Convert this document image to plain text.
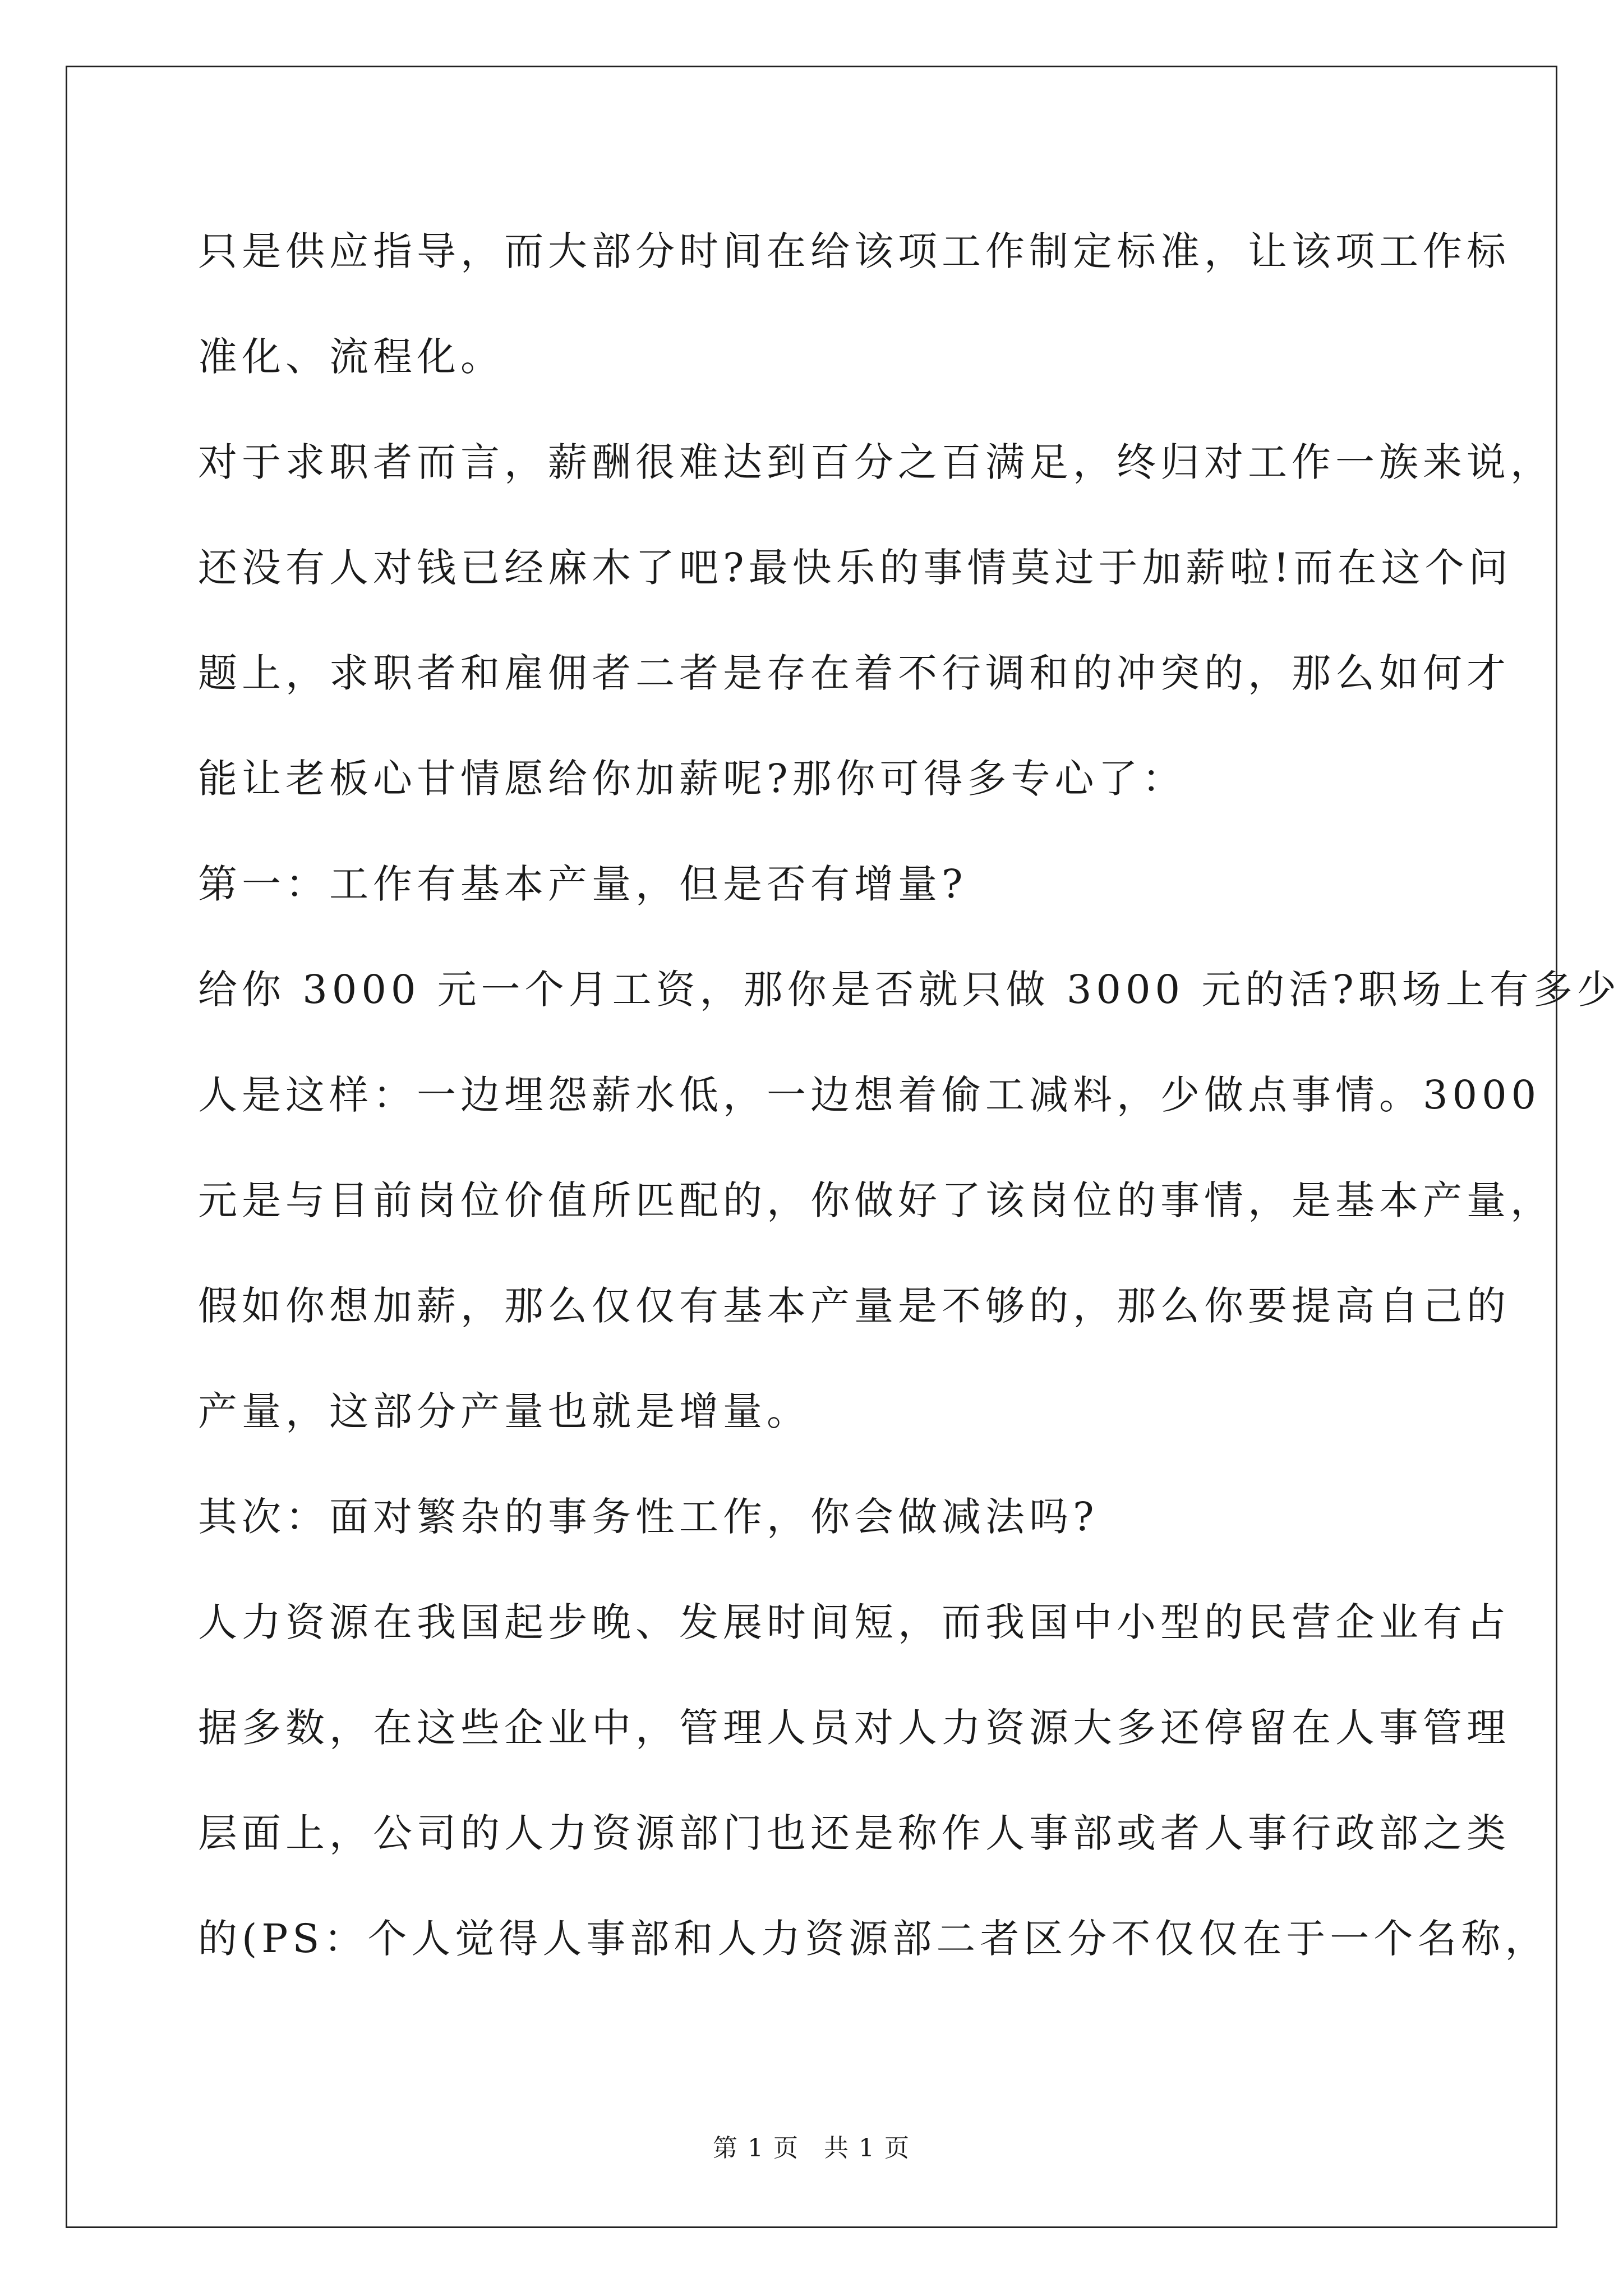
只是供应指导，而大部分时间在给该项工作制定标准，让该项工作标
准化、流程化。
对于求职者而言，薪酬很难达到百分之百满足，终归对工作一族来说，
还没有人对钱已经麻木了吧?最快乐的事情莫过于加薪啦!而在这个问
题上，求职者和雇佣者二者是存在着不行调和的冲突的，那么如何才
能让老板心甘情愿给你加薪呢?那你可得多专心了：
第一：工作有基本产量，但是否有增量?
给你 3000 元一个月工资，那你是否就只做 3000 元的活?职场上有多少
人是这样：一边埋怨薪水低，一边想着偷工减料，少做点事情。3000
元是与目前岗位价值所匹配的，你做好了该岗位的事情，是基本产量，
假如你想加薪，那么仅仅有基本产量是不够的，那么你要提高自己的
产量，这部分产量也就是增量。
其次：面对繁杂的事务性工作，你会做减法吗?
人力资源在我国起步晚、发展时间短，而我国中小型的民营企业有占
据多数，在这些企业中，管理人员对人力资源大多还停留在人事管理
层面上，公司的人力资源部门也还是称作人事部或者人事行政部之类
的(PS：个人觉得人事部和人力资源部二者区分不仅仅在于一个名称，
第 1 页 共 1 页
